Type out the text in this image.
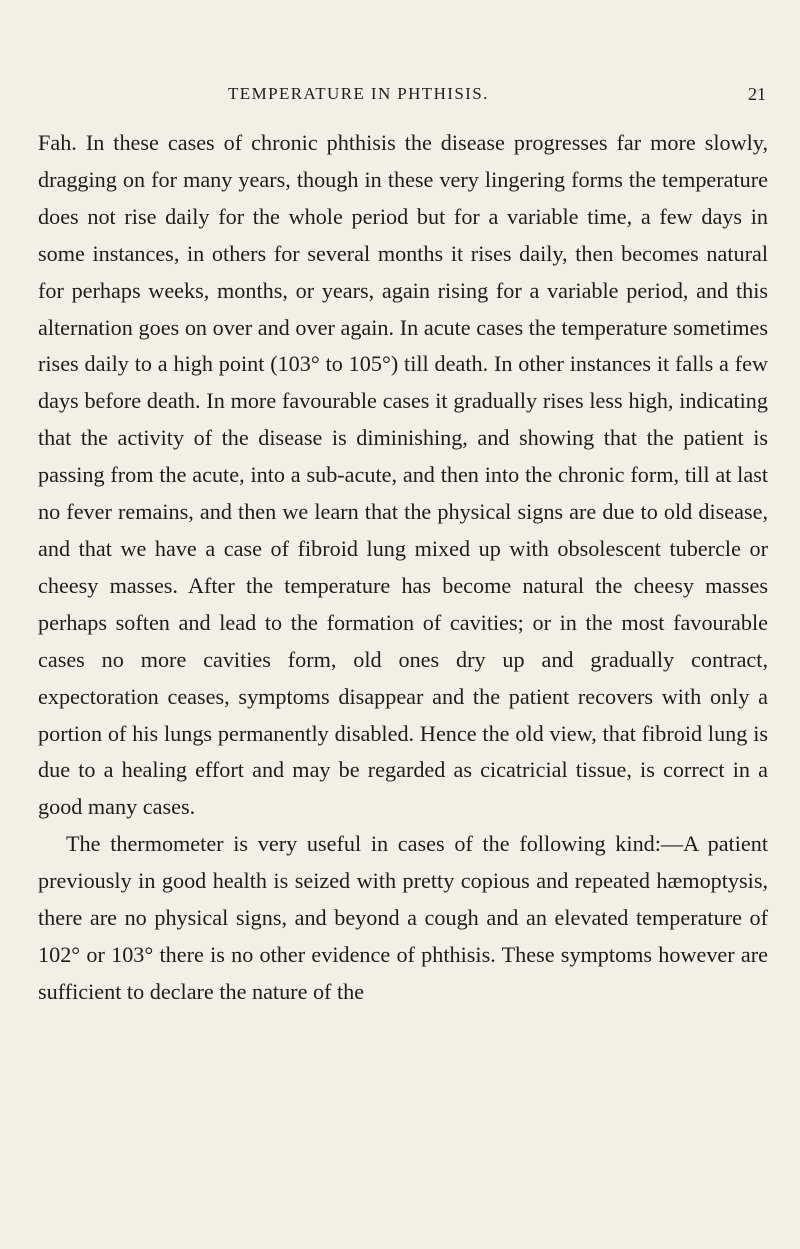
TEMPERATURE IN PHTHISIS.	21

Fah. In these cases of chronic phthisis the disease progresses far more slowly, dragging on for many years, though in these very lingering forms the temperature does not rise daily for the whole period but for a variable time, a few days in some instances, in others for several months it rises daily, then becomes natural for perhaps weeks, months, or years, again rising for a variable period, and this alternation goes on over and over again. In acute cases the temperature sometimes rises daily to a high point (103° to 105°) till death. In other instances it falls a few days before death. In more favourable cases it gradually rises less high, indicating that the activity of the disease is diminishing, and showing that the patient is passing from the acute, into a sub-acute, and then into the chronic form, till at last no fever remains, and then we learn that the physical signs are due to old disease, and that we have a case of fibroid lung mixed up with obsolescent tubercle or cheesy masses. After the temperature has become natural the cheesy masses perhaps soften and lead to the formation of cavities; or in the most favourable cases no more cavities form, old ones dry up and gradually contract, expectoration ceases, symptoms disappear and the patient recovers with only a portion of his lungs permanently disabled. Hence the old view, that fibroid lung is due to a healing effort and may be regarded as cicatricial tissue, is correct in a good many cases.

The thermometer is very useful in cases of the following kind:—A patient previously in good health is seized with pretty copious and repeated hæmoptysis, there are no physical signs, and beyond a cough and an elevated temperature of 102° or 103° there is no other evidence of phthisis. These symptoms however are sufficient to declare the nature of the
